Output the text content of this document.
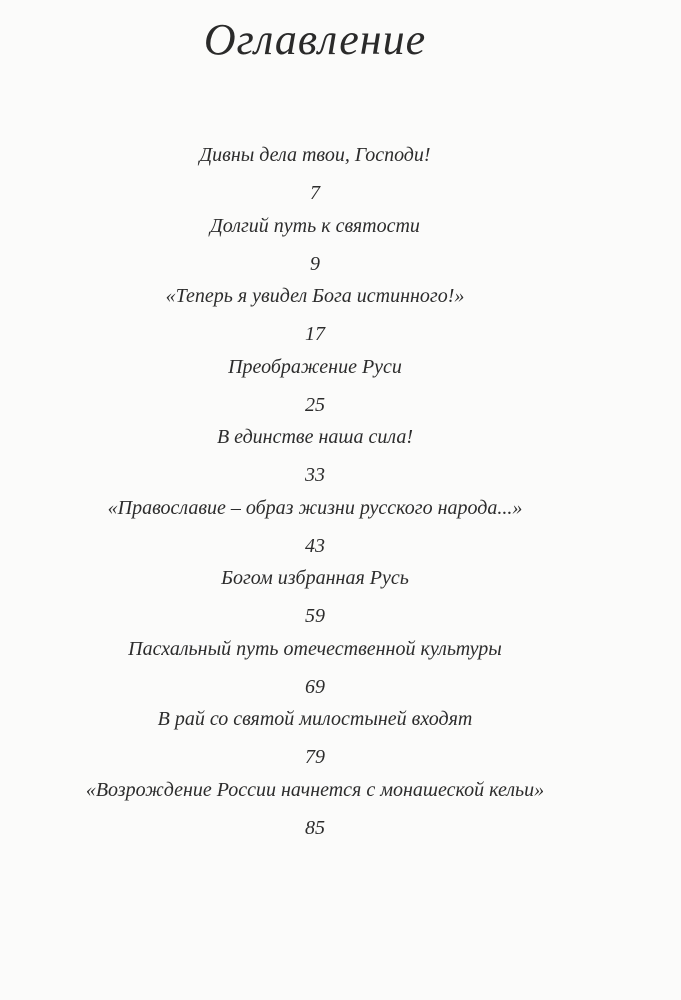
Оглавление
Дивны дела твои, Господи!
7
Долгий путь к святости
9
«Теперь я увидел Бога истинного!»
17
Преображение Руси
25
В единстве наша сила!
33
«Православие – образ жизни русского народа...»
43
Богом избранная Русь
59
Пасхальный путь отечественной культуры
69
В рай со святой милостыней входят
79
«Возрождение России начнется с монашеской кельи»
85
